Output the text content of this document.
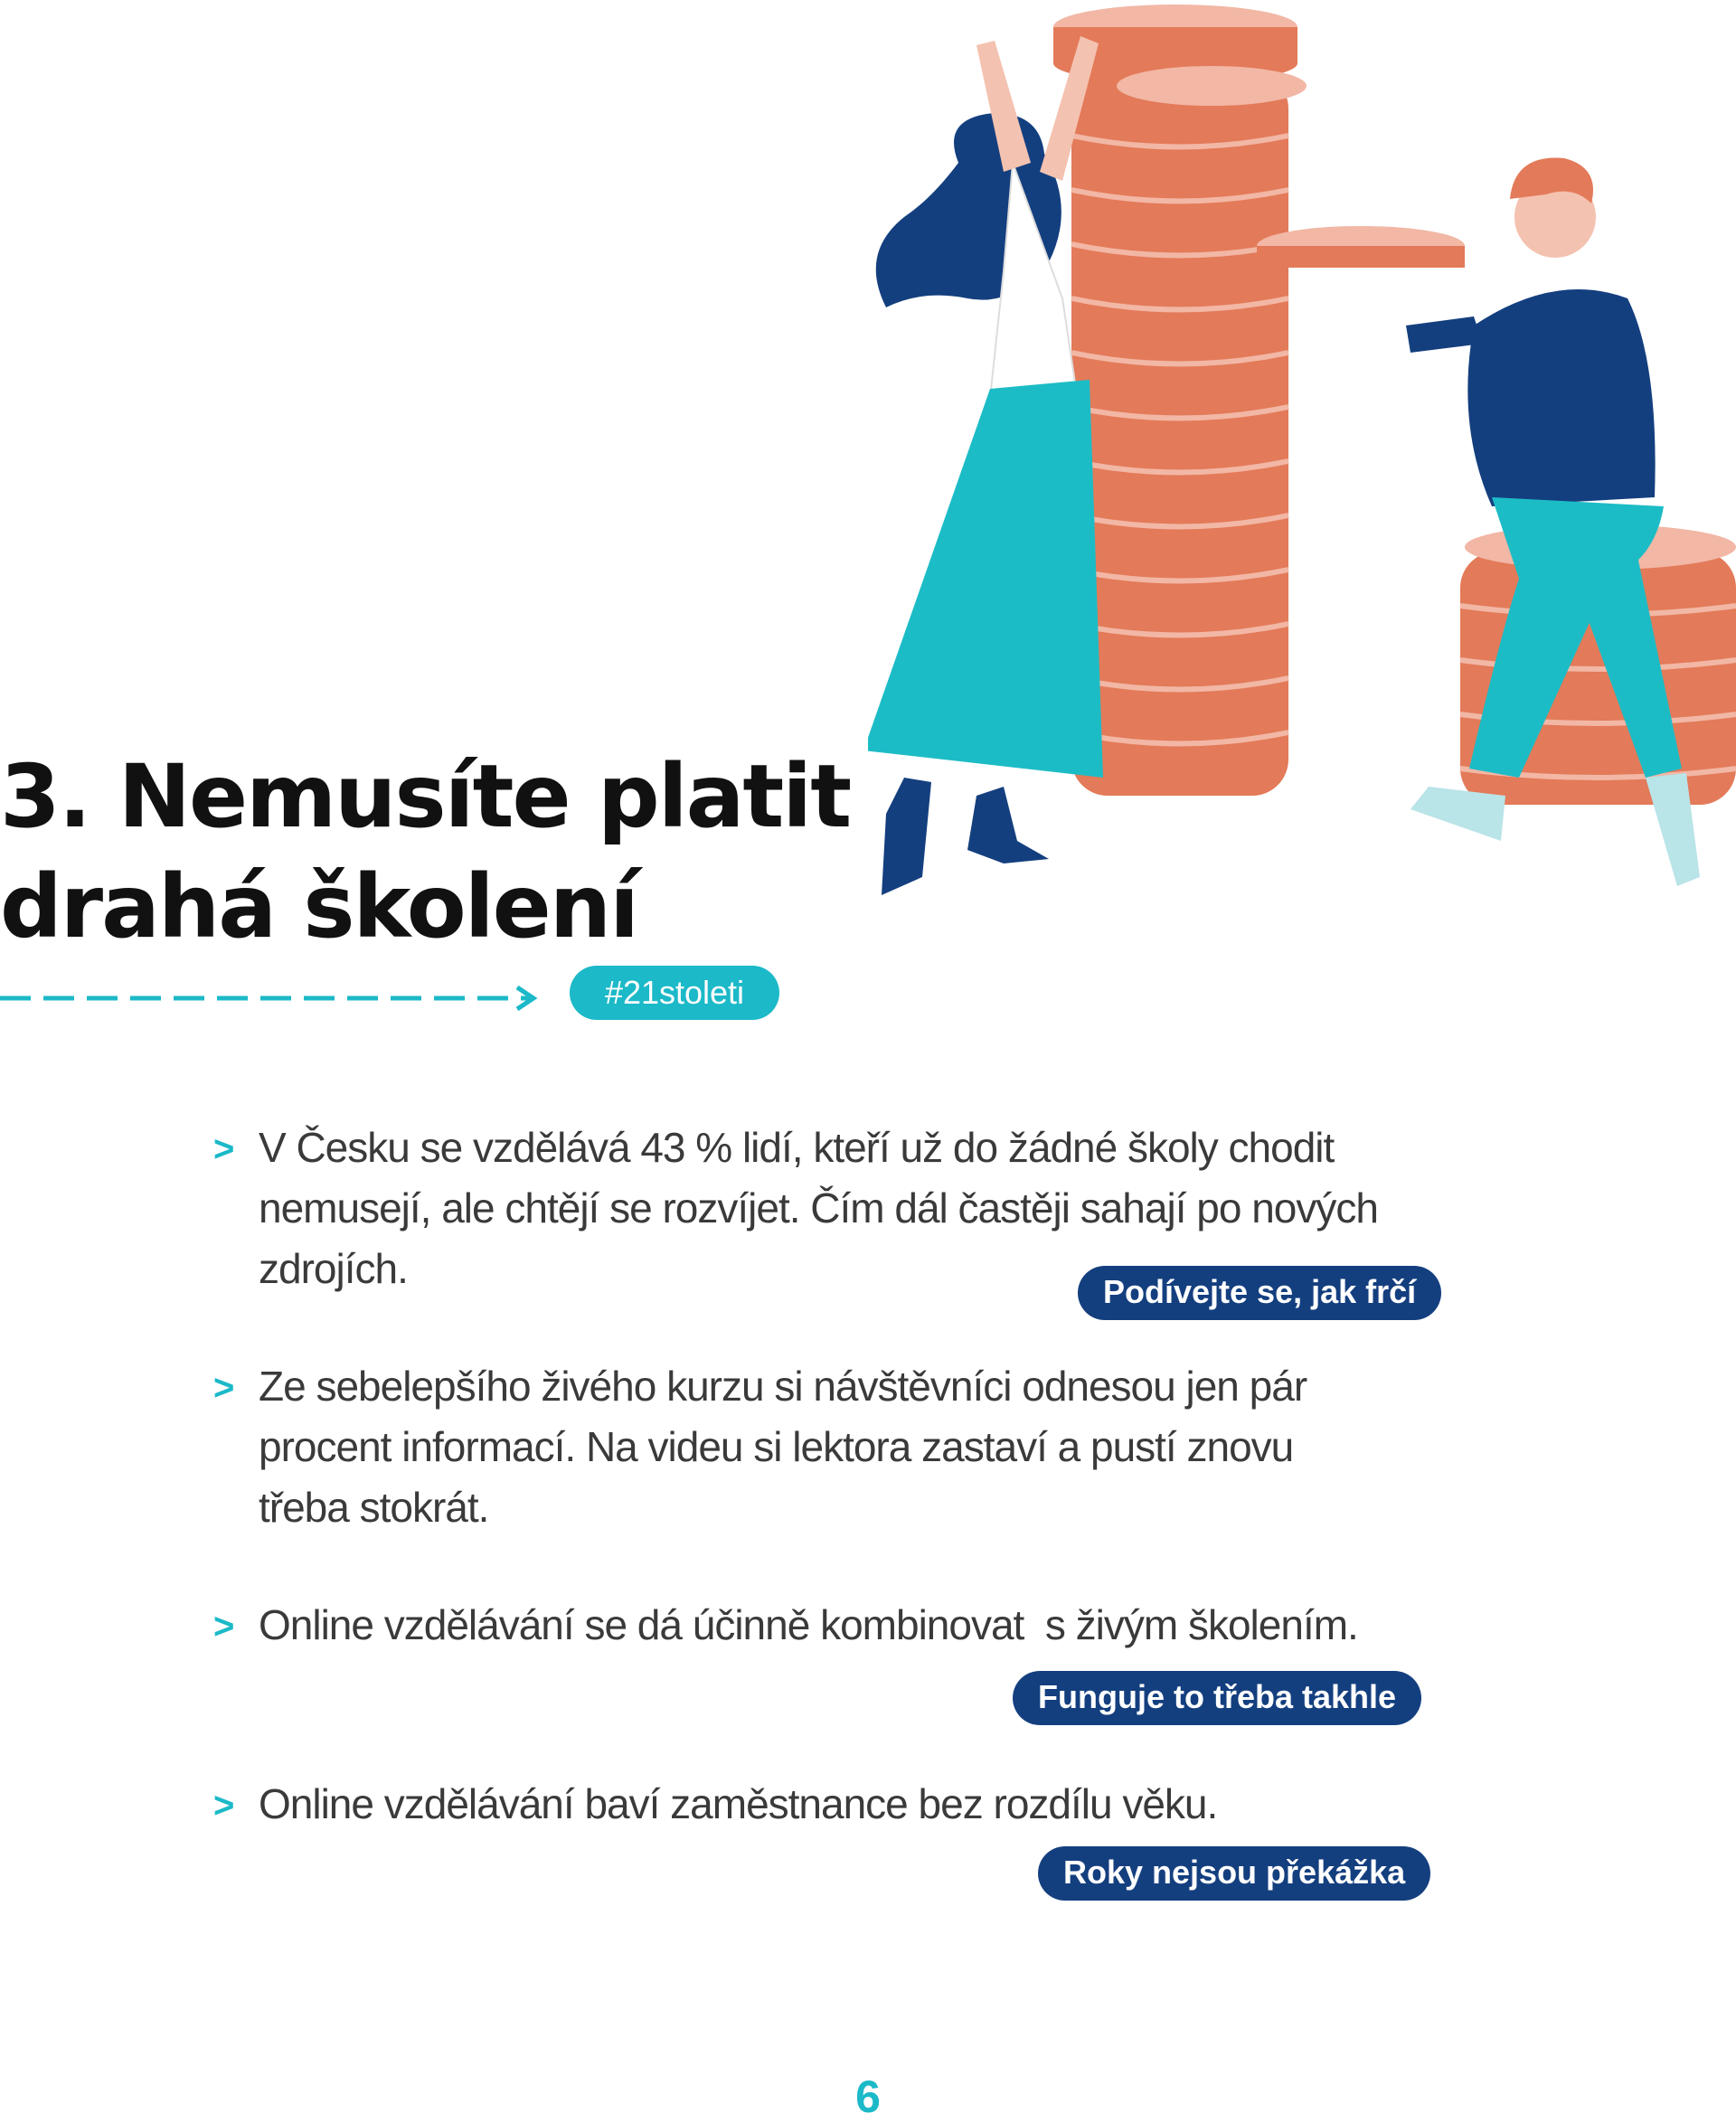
3. Nemusíte platit
drahá školení
#21stoleti
> V Česku se vzdělává 43 % lidí, kteří už do žádné školy chodit
nemusejí, ale chtějí se rozvíjet. Čím dál častěji sahají po nových
zdrojích.	Podívejte se, jak frčí
> Ze sebelepšího živého kurzu si návštěvníci odnesou jen pár
procent informací. Na videu si lektora zastaví a pustí znovu
třeba stokrát.
> Online vzdělávání se dá účinně kombinovat  s živým školením.
Funguje to třeba takhle
> Online vzdělávání baví zaměstnance bez rozdílu věku.
Roky nejsou překážka
6
